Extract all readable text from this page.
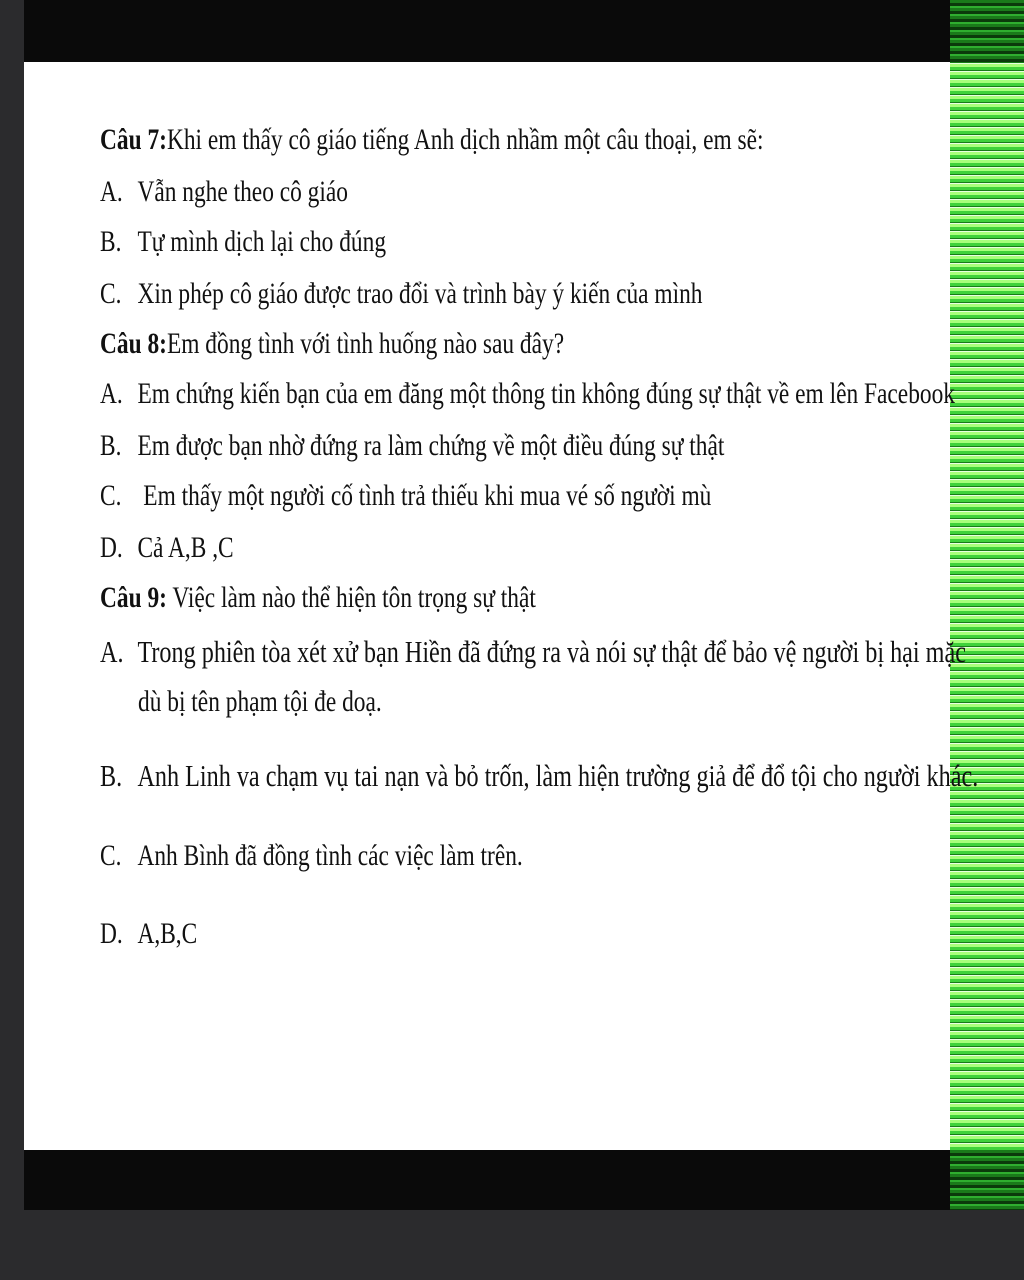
Câu 7:Khi em thấy cô giáo tiếng Anh dịch nhầm một câu thoại, em sẽ:
A. Vẫn nghe theo cô giáo
B. Tự mình dịch lại cho đúng
C. Xin phép cô giáo được trao đổi và trình bày ý kiến của mình
Câu 8:Em đồng tình với tình huống nào sau đây?
A. Em chứng kiến bạn của em đăng một thông tin không đúng sự thật về em lên Facebook
B. Em được bạn nhờ đứng ra làm chứng về một điều đúng sự thật
C. Em thấy một người cố tình trả thiếu khi mua vé số người mù
D. Cả A,B ,C
Câu 9: Việc làm nào thể hiện tôn trọng sự thật
A. Trong phiên tòa xét xử bạn Hiền đã đứng ra và nói sự thật để bảo vệ người bị hại mặc
dù bị tên phạm tội đe doạ.
B. Anh Linh va chạm vụ tai nạn và bỏ trốn, làm hiện trường giả để đổ tội cho người khác.
C. Anh Bình đã đồng tình các việc làm trên.
D. A,B,C
